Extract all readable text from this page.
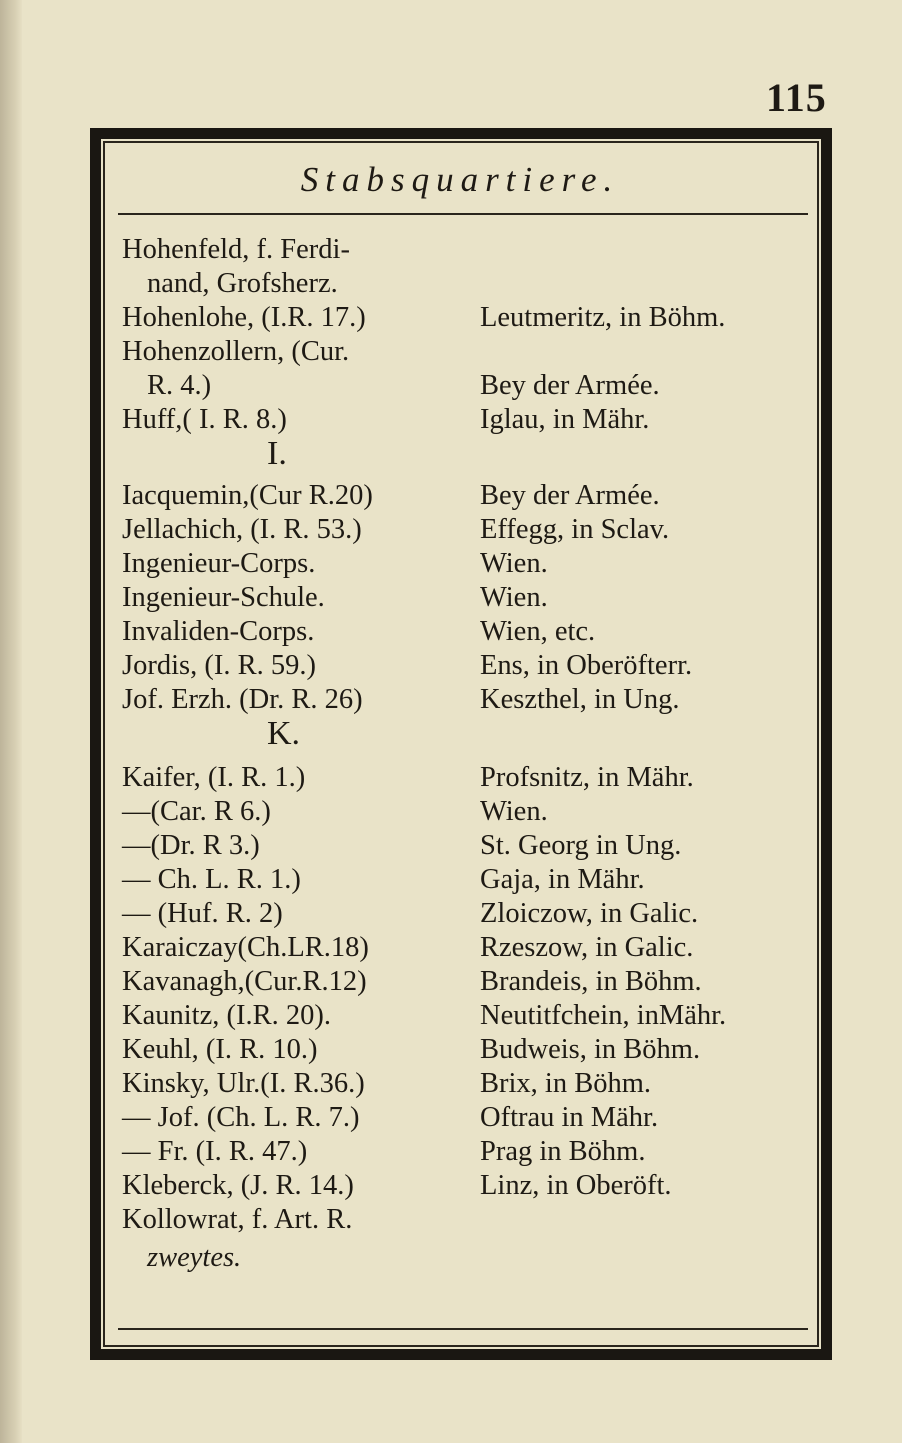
115
Stabsquartiere.
Hohenfeld, f. Ferdi-
nand, Grofsherz.
Hohenlohe, (I.R. 17.)	Leutmeritz, in Böhm.
Hohenzollern, (Cur.
R. 4.)	Bey der Armée.
Huff,( I. R. 8.)	Iglau, in Mähr.
I.
Iacquemin,(Cur R.20)	Bey der Armée.
Jellachich, (I. R. 53.)	Effegg, in Sclav.
Ingenieur-Corps.	Wien.
Ingenieur-Schule.	Wien.
Invaliden-Corps.	Wien, etc.
Jordis, (I. R. 59.)	Ens, in Oberöfterr.
Jof. Erzh. (Dr. R. 26)	Keszthel, in Ung.
K.
Kaifer, (I. R. 1.)	Profsnitz, in Mähr.
—(Car. R 6.)	Wien.
—(Dr. R 3.)	St. Georg in Ung.
— Ch. L. R. 1.)	Gaja, in Mähr.
— (Huf. R. 2)	Zloiczow, in Galic.
Karaiczay(Ch.LR.18)	Rzeszow, in Galic.
Kavanagh,(Cur.R.12)	Brandeis, in Böhm.
Kaunitz, (I.R. 20).	Neutitfchein, inMähr.
Keuhl, (I. R. 10.)	Budweis, in Böhm.
Kinsky, Ulr.(I. R.36.)	Brix, in Böhm.
— Jof. (Ch. L. R. 7.)	Oftrau in Mähr.
— Fr. (I. R. 47.)	Prag in Böhm.
Kleberck, (J. R. 14.)	Linz, in Oberöft.
Kollowrat, f. Art. R.
zweytes.
